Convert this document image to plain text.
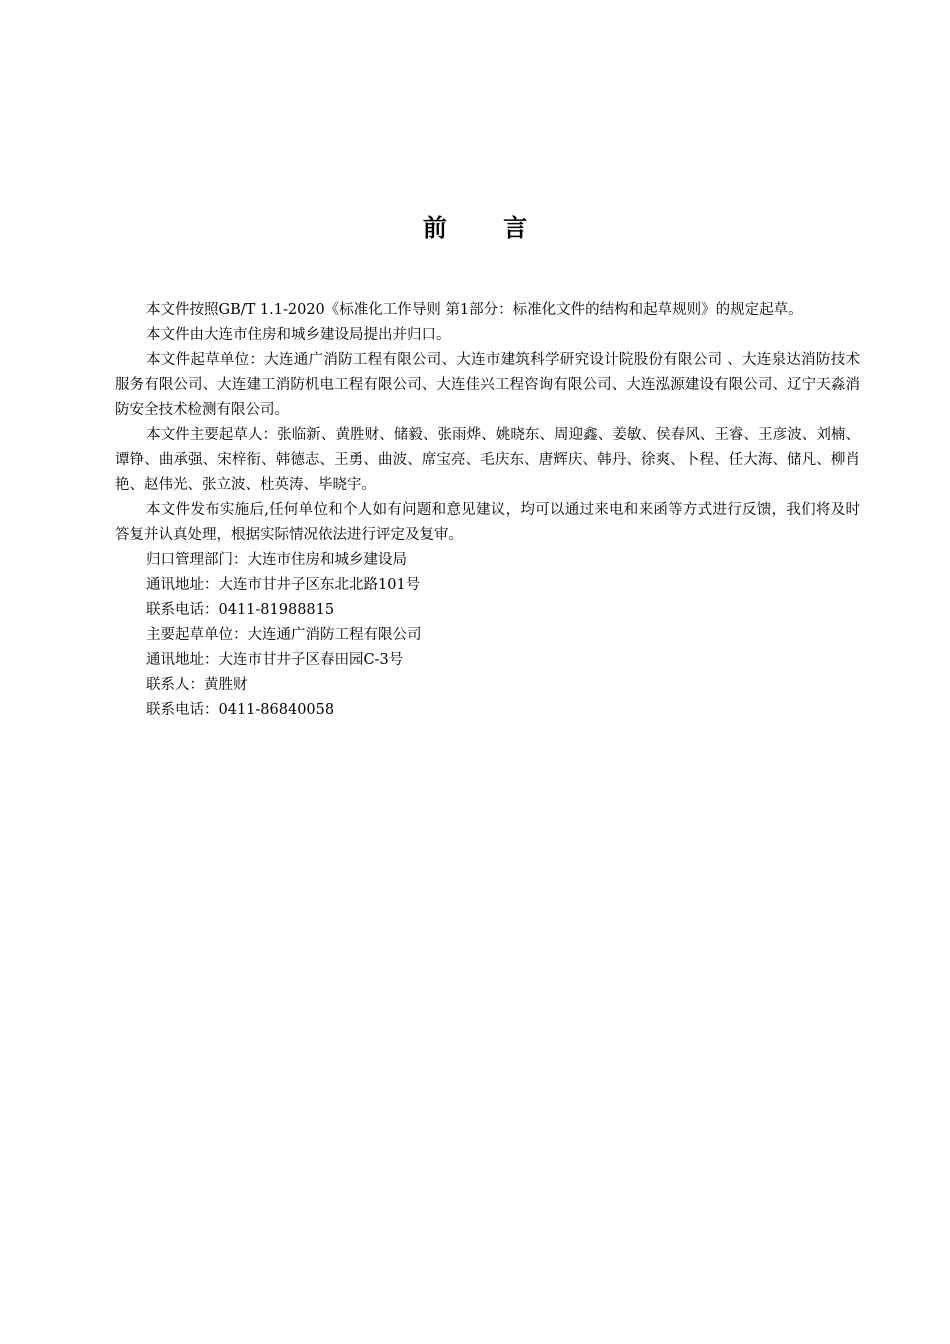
前 言

本文件按照GB/T 1.1-2020《标准化工作导则 第1部分：标准化文件的结构和起草规则》的规定起草。

本文件由大连市住房和城乡建设局提出并归口。

本文件起草单位：大连通广消防工程有限公司、大连市建筑科学研究设计院股份有限公司 、大连泉达消防技术服务有限公司、大连建工消防机电工程有限公司、大连佳兴工程咨询有限公司、大连泓源建设有限公司、辽宁天淼消防安全技术检测有限公司。

本文件主要起草人：张临新、黄胜财、储毅、张雨烨、姚晓东、周迎鑫、姜敏、侯春风、王睿、王彦波、刘楠、谭铮、曲承强、宋梓衔、韩德志、王勇、曲波、席宝亮、毛庆东、唐辉庆、韩丹、徐爽、卜程、任大海、储凡、柳肖艳、赵伟光、张立波、杜英涛、毕晓宇。

本文件发布实施后,任何单位和个人如有问题和意见建议，均可以通过来电和来函等方式进行反馈，我们将及时答复并认真处理，根据实际情况依法进行评定及复审。

归口管理部门：大连市住房和城乡建设局

通讯地址：大连市甘井子区东北北路101号

联系电话：0411-81988815

主要起草单位：大连通广消防工程有限公司

通讯地址：大连市甘井子区春田园C-3号

联系人：黄胜财

联系电话：0411-86840058
